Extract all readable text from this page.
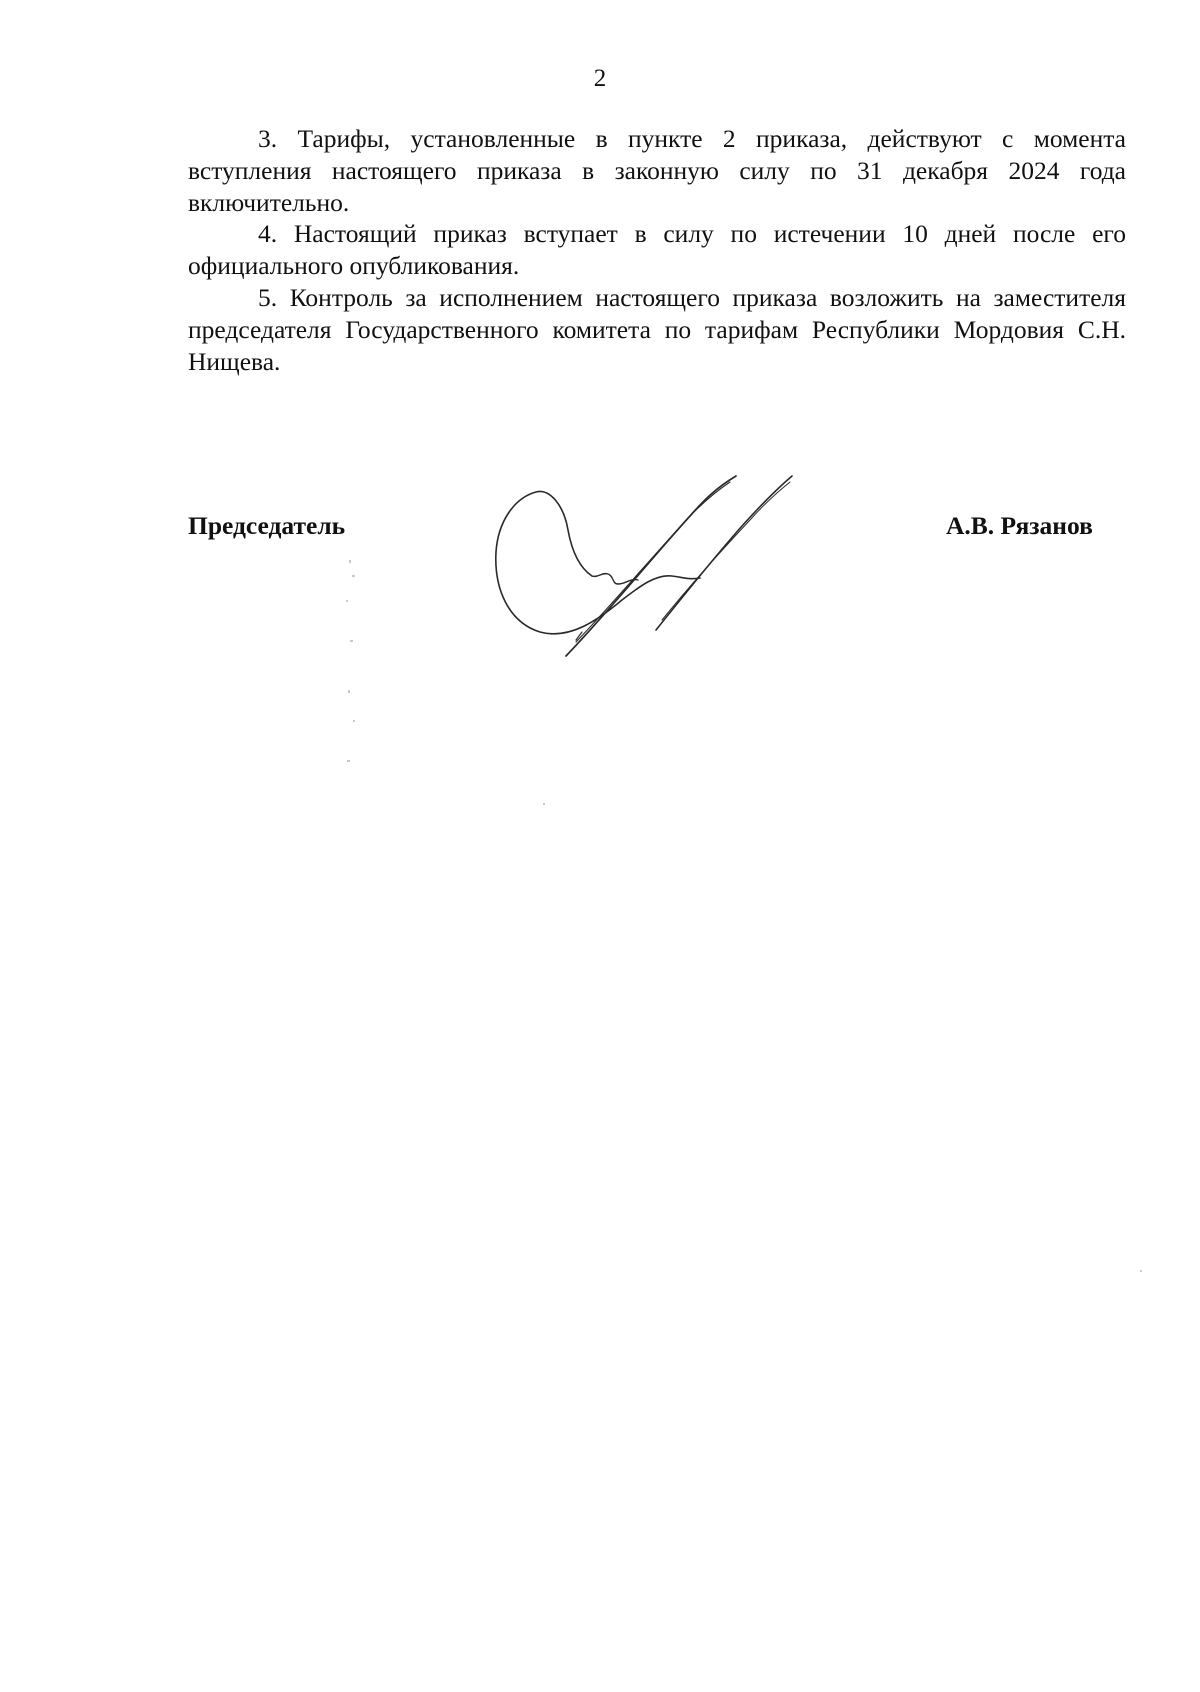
2

3. Тарифы, установленные в пункте 2 приказа, действуют с момента вступления настоящего приказа в законную силу по 31 декабря 2024 года включительно.

4. Настоящий приказ вступает в силу по истечении 10 дней после его официального опубликования.

5. Контроль за исполнением настоящего приказа возложить на заместителя председателя Государственного комитета по тарифам Республики Мордовия С.Н. Нищева.

Председатель	А.В. Рязанов
